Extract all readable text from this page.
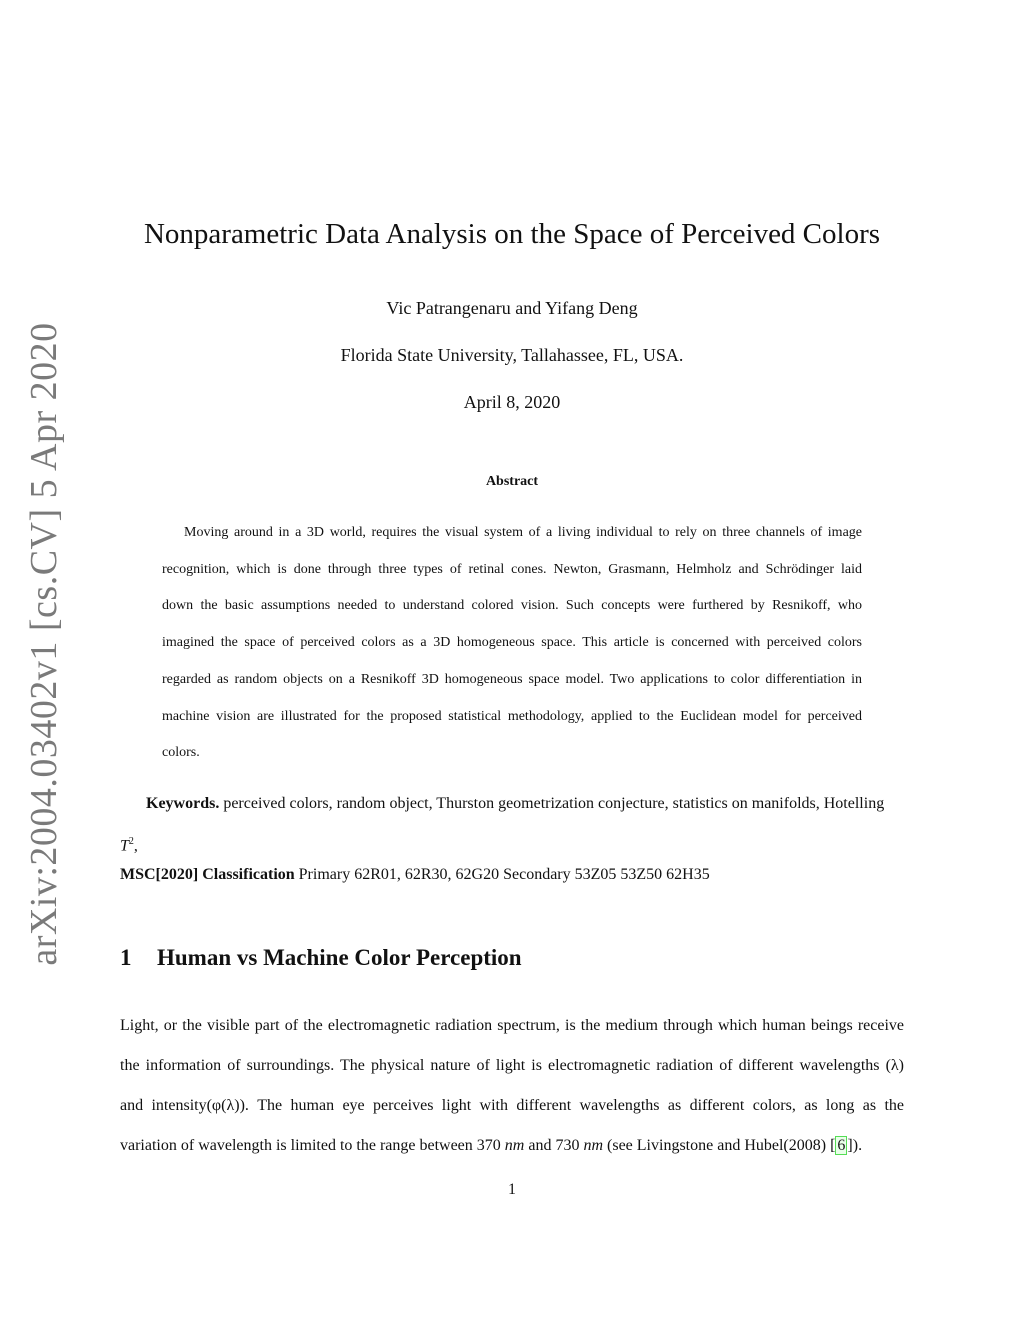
arXiv:2004.03402v1 [cs.CV] 5 Apr 2020
Nonparametric Data Analysis on the Space of Perceived Colors
Vic Patrangenaru and Yifang Deng
Florida State University, Tallahassee, FL, USA.
April 8, 2020
Abstract
Moving around in a 3D world, requires the visual system of a living individual to rely on three channels of image
recognition, which is done through three types of retinal cones. Newton, Grasmann, Helmholz and Schrödinger laid
down the basic assumptions needed to understand colored vision. Such concepts were furthered by Resnikoff, who
imagined the space of perceived colors as a 3D homogeneous space. This article is concerned with perceived colors
regarded as random objects on a Resnikoff 3D homogeneous space model. Two applications to color differentiation in
machine vision are illustrated for the proposed statistical methodology, applied to the Euclidean model for perceived
colors.
Keywords. perceived colors, random object, Thurston geometrization conjecture, statistics on manifolds, Hotelling
$T^2$,
MSC[2020] Classification Primary 62R01, 62R30, 62G20 Secondary 53Z05 53Z50 62H35
1 Human vs Machine Color Perception
Light, or the visible part of the electromagnetic radiation spectrum, is the medium through which human beings receive
the information of surroundings. The physical nature of light is electromagnetic radiation of different wavelengths (λ)
and intensity(φ(λ)). The human eye perceives light with different wavelengths as different colors, as long as the
variation of wavelength is limited to the range between 370 nm and 730 nm (see Livingstone and Hubel(2008) [ 6 ]).
1
